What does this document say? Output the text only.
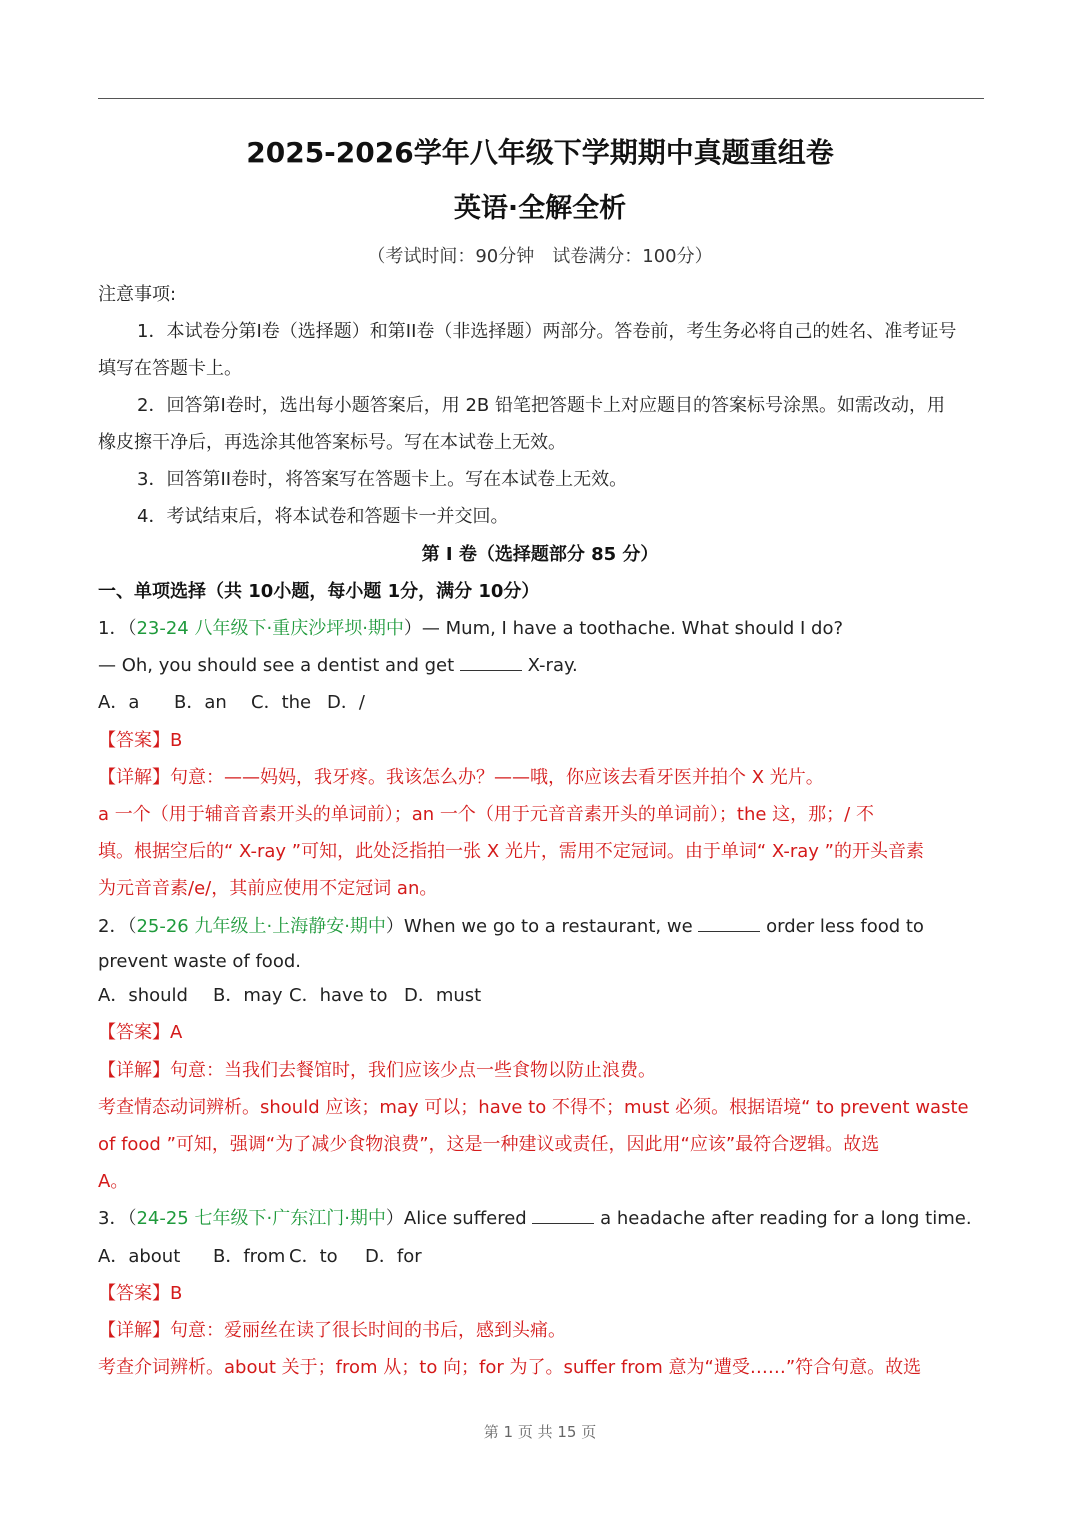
2025-2026学年八年级下学期期中真题重组卷
英语·全解全析
（考试时间：90分钟　试卷满分：100分）
注意事项:
1．本试卷分第I卷（选择题）和第II卷（非选择题）两部分。答卷前，考生务必将自己的姓名、准考证号
填写在答题卡上。
2．回答第I卷时，选出每小题答案后，用 2B 铅笔把答题卡上对应题目的答案标号涂黑。如需改动，用
橡皮擦干净后，再选涂其他答案标号。写在本试卷上无效。
3．回答第II卷时，将答案写在答题卡上。写在本试卷上无效。
4．考试结束后，将本试卷和答题卡一并交回。
第 I 卷（选择题部分 85 分）
一、单项选择（共 10小题，每小题 1分，满分 10分）
1．（23-24 八年级下·重庆沙坪坝·期中）— Mum, I have a toothache. What should I do?
— Oh, you should see a dentist and get	X-ray.
A．a B．an C．the D．/
【答案】B
【详解】句意：——妈妈，我牙疼。我该怎么办？——哦，你应该去看牙医并拍个 X 光片。
a 一个（用于辅音音素开头的单词前）；an 一个（用于元音音素开头的单词前）；the 这，那；/ 不
填。根据空后的“ X-ray ”可知，此处泛指拍一张 X 光片，需用不定冠词。由于单词“ X-ray ”的开头音素
为元音音素/e/，其前应使用不定冠词 an。
2．（25-26 九年级上·上海静安·期中）When we go to a restaurant, we	order less food to
prevent waste of food.
A．should B．may C．have to D．must
【答案】A
【详解】句意：当我们去餐馆时，我们应该少点一些食物以防止浪费。
考查情态动词辨析。should 应该；may 可以；have to 不得不；must 必须。根据语境“ to prevent waste
of food ”可知，强调“为了减少食物浪费”，这是一种建议或责任，因此用“应该”最符合逻辑。故选
A。
3．（24-25 七年级下·广东江门·期中）Alice suffered	a headache after reading for a long time.
A．about B．from C．to D．for
【答案】B
【详解】句意：爱丽丝在读了很长时间的书后，感到头痛。
考查介词辨析。about 关于；from 从；to 向；for 为了。suffer from 意为“遭受……”符合句意。故选
第 1 页 共 15 页
